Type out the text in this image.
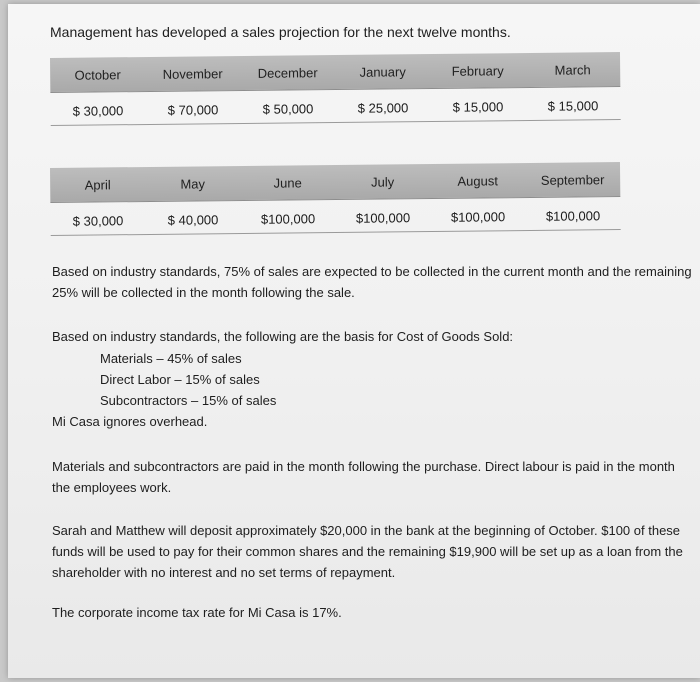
Management has developed a sales projection for the next twelve months.
October	November	December	January	February	March
$ 30,000	$ 70,000	$ 50,000	$ 25,000	$ 15,000	$ 15,000
April	May	June	July	August	September
$ 30,000	$ 40,000	$100,000	$100,000	$100,000	$100,000
Based on industry standards, 75% of sales are expected to be collected in the current month and the remaining 25% will be collected in the month following the sale.
Based on industry standards, the following are the basis for Cost of Goods Sold:
Materials – 45% of sales
Direct Labor – 15% of sales
Subcontractors – 15% of sales
Mi Casa ignores overhead.
Materials and subcontractors are paid in the month following the purchase. Direct labour is paid in the month the employees work.
Sarah and Matthew will deposit approximately $20,000 in the bank at the beginning of October. $100 of these funds will be used to pay for their common shares and the remaining $19,900 will be set up as a loan from the shareholder with no interest and no set terms of repayment.
The corporate income tax rate for Mi Casa is 17%.
